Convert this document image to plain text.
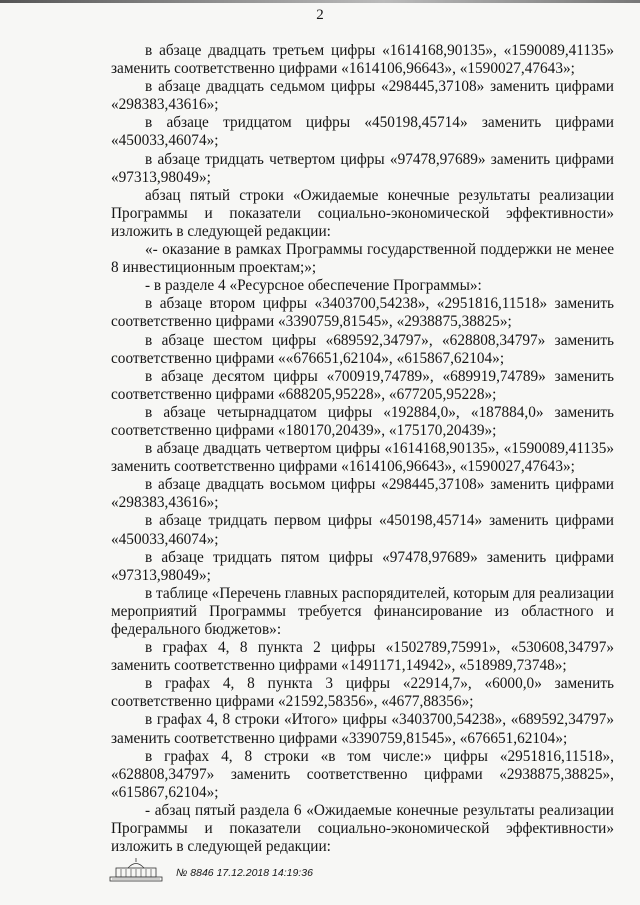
2

в абзаце двадцать третьем цифры «1614168,90135», «1590089,41135» заменить соответственно цифрами «1614106,96643», «1590027,47643»;

в абзаце двадцать седьмом цифры «298445,37108» заменить цифрами «298383,43616»;

в абзаце тридцатом цифры «450198,45714» заменить цифрами «450033,46074»;

в абзаце тридцать четвертом цифры «97478,97689» заменить цифрами «97313,98049»;

абзац пятый строки «Ожидаемые конечные результаты реализации Программы и показатели социально-экономической эффективности» изложить в следующей редакции:

«- оказание в рамках Программы государственной поддержки не менее 8 инвестиционным проектам;»;

- в разделе 4 «Ресурсное обеспечение Программы»:

в абзаце втором цифры «3403700,54238», «2951816,11518» заменить соответственно цифрами «3390759,81545», «2938875,38825»;

в абзаце шестом цифры «689592,34797», «628808,34797» заменить соответственно цифрами ««676651,62104», «615867,62104»;

в абзаце десятом цифры «700919,74789», «689919,74789» заменить соответственно цифрами «688205,95228», «677205,95228»;

в абзаце четырнадцатом цифры «192884,0», «187884,0» заменить соответственно цифрами «180170,20439», «175170,20439»;

в абзаце двадцать четвертом цифры «1614168,90135», «1590089,41135» заменить соответственно цифрами «1614106,96643», «1590027,47643»;

в абзаце двадцать восьмом цифры «298445,37108» заменить цифрами «298383,43616»;

в абзаце тридцать первом цифры «450198,45714» заменить цифрами «450033,46074»;

в абзаце тридцать пятом цифры «97478,97689» заменить цифрами «97313,98049»;

в таблице «Перечень главных распорядителей, которым для реализации мероприятий Программы требуется финансирование из областного и федерального бюджетов»:

в графах 4, 8 пункта 2 цифры «1502789,75991», «530608,34797» заменить соответственно цифрами «1491171,14942», «518989,73748»;

в графах 4, 8 пункта 3 цифры «22914,7», «6000,0» заменить соответственно цифрами «21592,58356», «4677,88356»;

в графах 4, 8 строки «Итого» цифры «3403700,54238», «689592,34797» заменить соответственно цифрами «3390759,81545», «676651,62104»;

в графах 4, 8 строки «в том числе:» цифры «2951816,11518», «628808,34797» заменить соответственно цифрами «2938875,38825», «615867,62104»;

- абзац пятый раздела 6 «Ожидаемые конечные результаты реализации Программы и показатели социально-экономической эффективности» изложить в следующей редакции:

№ 8846 17.12.2018 14:19:36
